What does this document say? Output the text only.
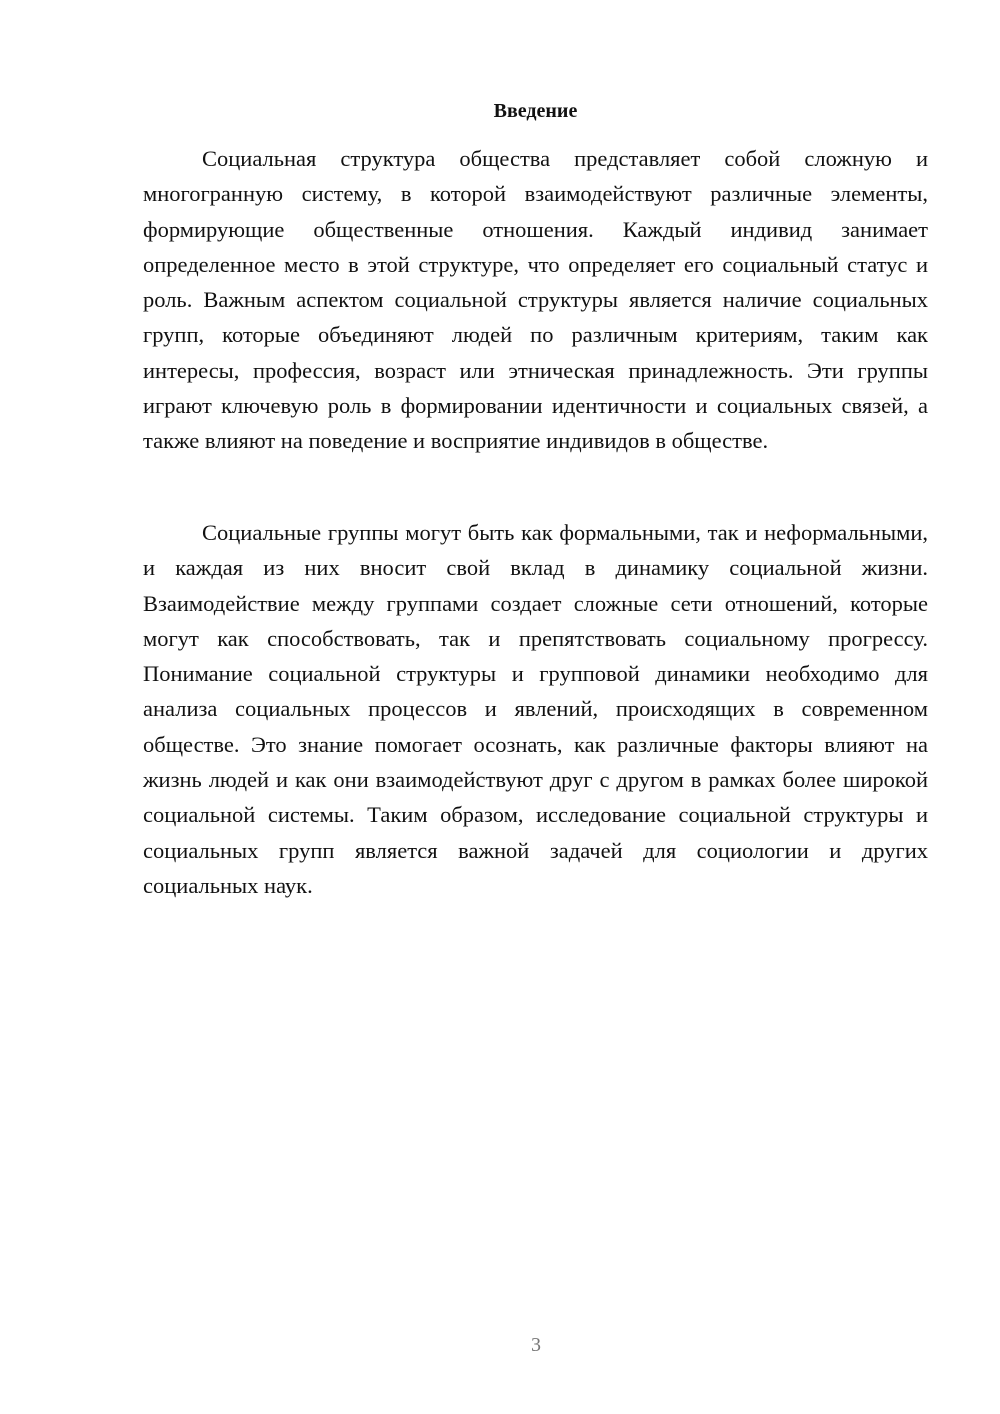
Введение

Социальная структура общества представляет собой сложную и многогранную систему, в которой взаимодействуют различные элементы, формирующие общественные отношения. Каждый индивид занимает определенное место в этой структуре, что определяет его социальный статус и роль. Важным аспектом социальной структуры является наличие социальных групп, которые объединяют людей по различным критериям, таким как интересы, профессия, возраст или этническая принадлежность. Эти группы играют ключевую роль в формировании идентичности и социальных связей, а также влияют на поведение и восприятие индивидов в обществе.

Социальные группы могут быть как формальными, так и неформальными, и каждая из них вносит свой вклад в динамику социальной жизни. Взаимодействие между группами создает сложные сети отношений, которые могут как способствовать, так и препятствовать социальному прогрессу. Понимание социальной структуры и групповой динамики необходимо для анализа социальных процессов и явлений, происходящих в современном обществе. Это знание помогает осознать, как различные факторы влияют на жизнь людей и как они взаимодействуют друг с другом в рамках более широкой социальной системы. Таким образом, исследование социальной структуры и социальных групп является важной задачей для социологии и других социальных наук.

3
